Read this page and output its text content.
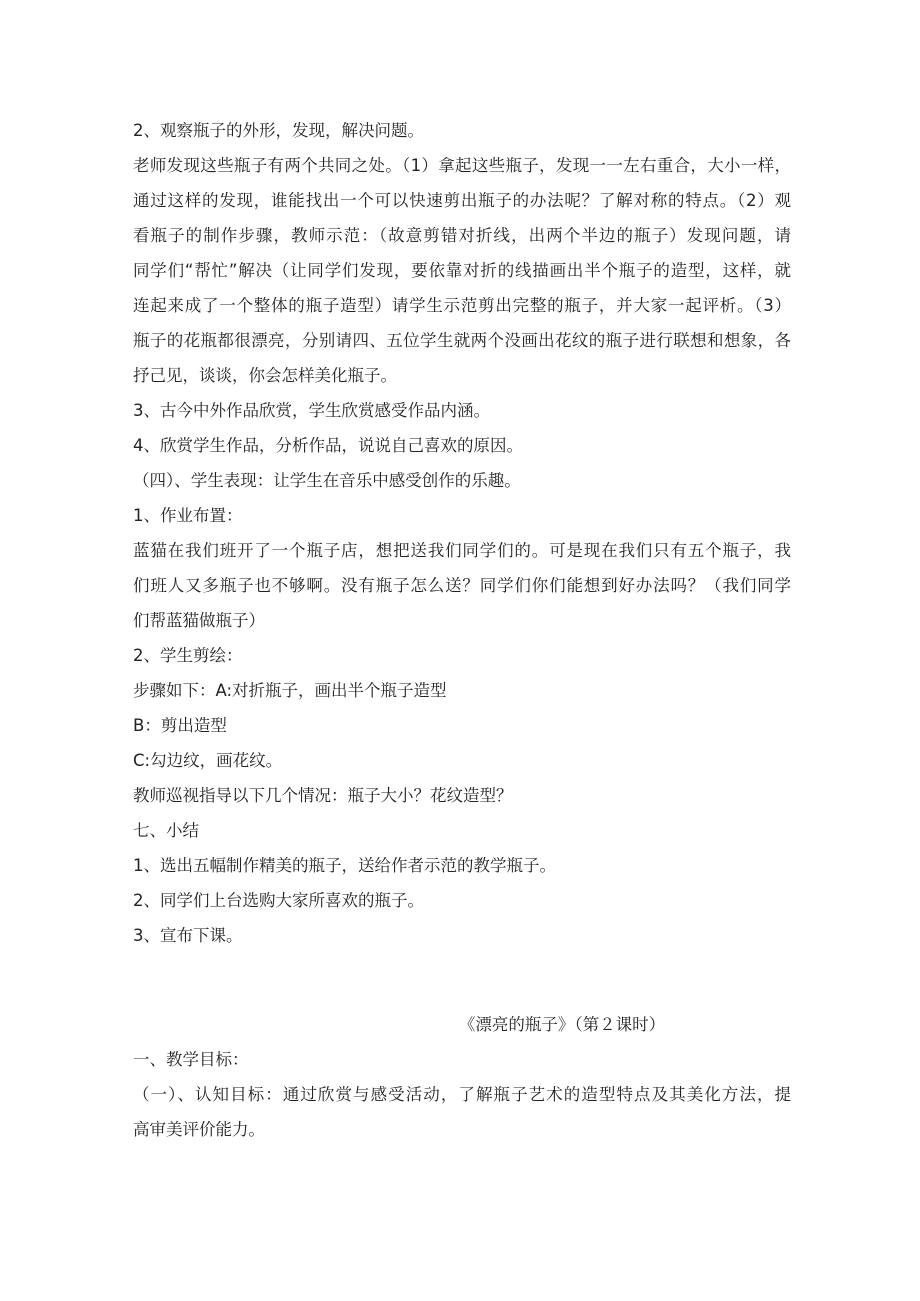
2、观察瓶子的外形，发现，解决问题。

老师发现这些瓶子有两个共同之处。（1）拿起这些瓶子，发现一一左右重合，大小一样，

通过这样的发现，谁能找出一个可以快速剪出瓶子的办法呢？了解对称的特点。（2）观

看瓶子的制作步骤，教师示范：（故意剪错对折线，出两个半边的瓶子）发现问题，请

同学们“帮忙”解决（让同学们发现，要依靠对折的线描画出半个瓶子的造型，这样，就

连起来成了一个整体的瓶子造型）请学生示范剪出完整的瓶子，并大家一起评析。（3）

瓶子的花瓶都很漂亮，分别请四、五位学生就两个没画出花纹的瓶子进行联想和想象，各

抒己见，谈谈，你会怎样美化瓶子。

3、古今中外作品欣赏，学生欣赏感受作品内涵。

4、欣赏学生作品，分析作品，说说自己喜欢的原因。

（四）、学生表现：让学生在音乐中感受创作的乐趣。

1、作业布置：

蓝猫在我们班开了一个瓶子店，想把送我们同学们的。可是现在我们只有五个瓶子，我

们班人又多瓶子也不够啊。没有瓶子怎么送？同学们你们能想到好办法吗？（我们同学

们帮蓝猫做瓶子）

2、学生剪绘：

步骤如下：A:对折瓶子，画出半个瓶子造型

B：剪出造型

C:勾边纹，画花纹。

教师巡视指导以下几个情况：瓶子大小？花纹造型？

七、小结

1、选出五幅制作精美的瓶子，送给作者示范的教学瓶子。

2、同学们上台选购大家所喜欢的瓶子。

3、宣布下课。

《漂亮的瓶子》（第２课时）

一、教学目标：

（一）、认知目标：通过欣赏与感受活动，了解瓶子艺术的造型特点及其美化方法，提

高审美评价能力。
